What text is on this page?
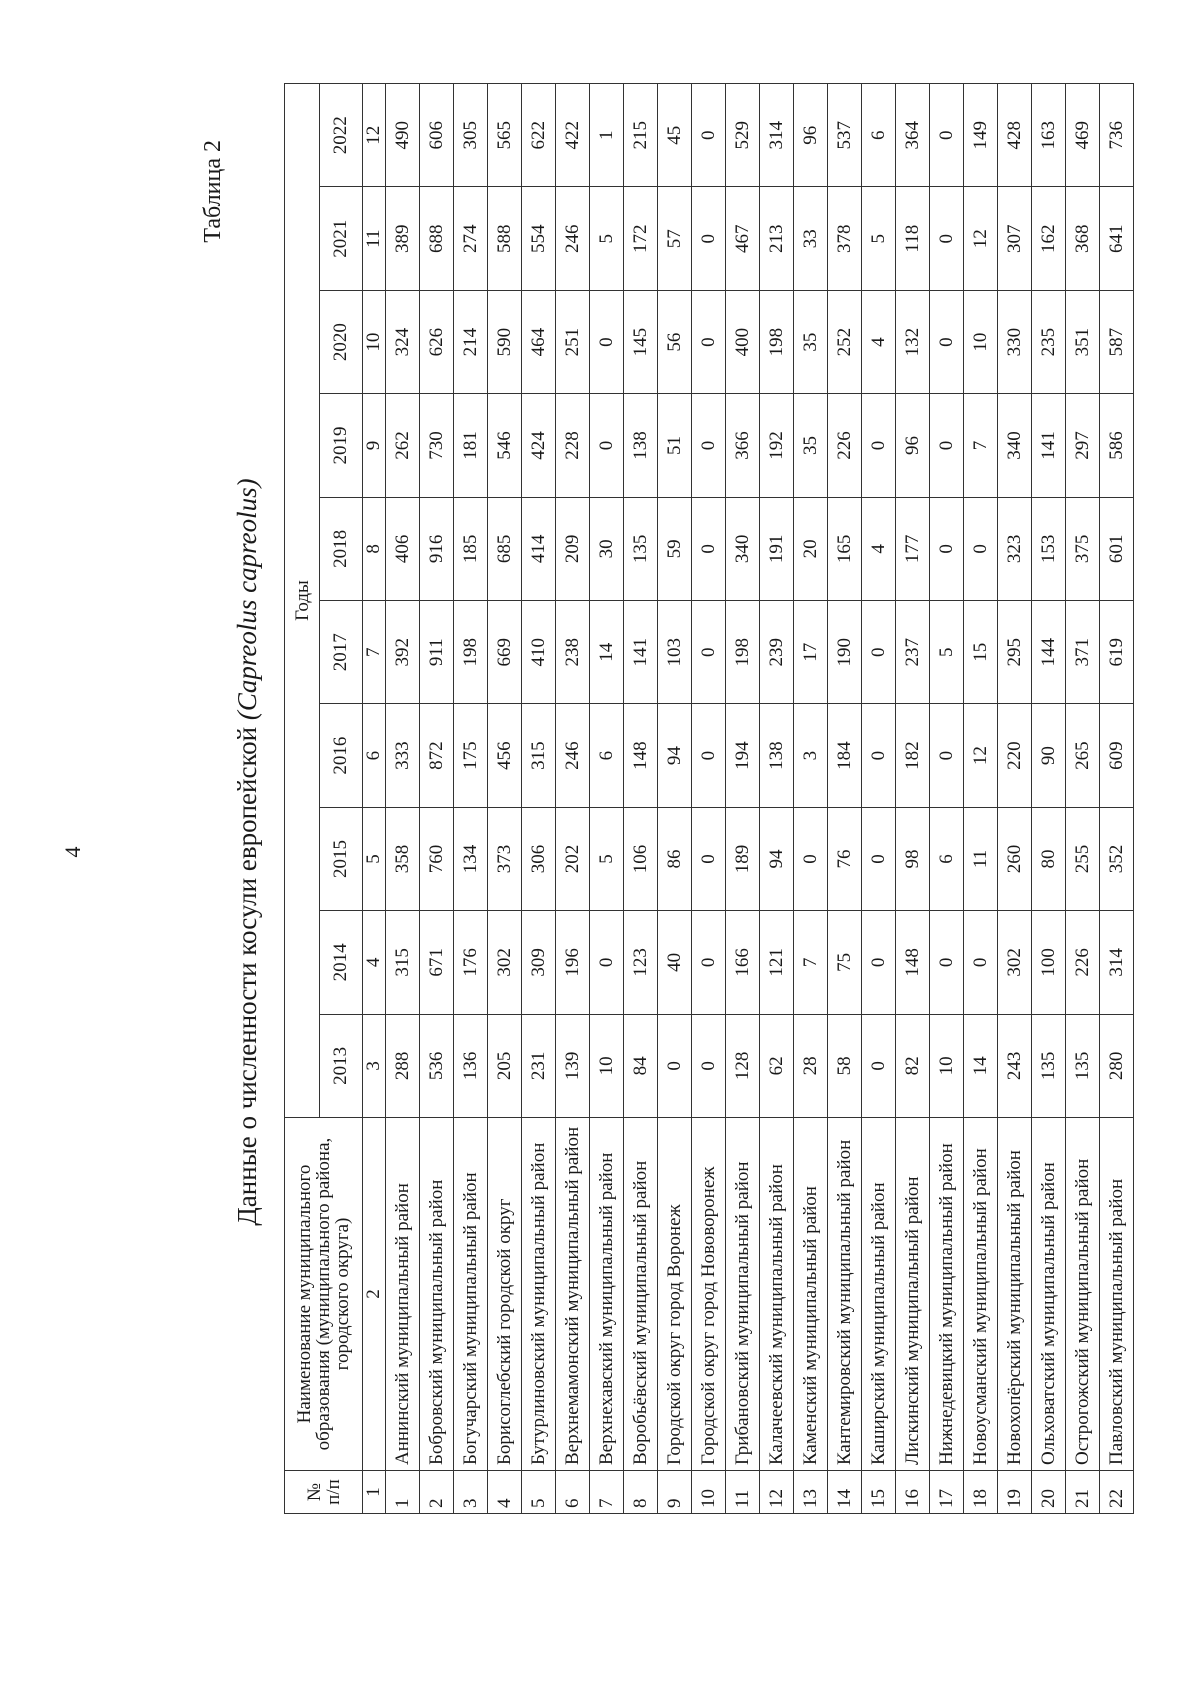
4
Таблица 2
Данные о численности косули европейской (Capreolus capreolus)
№ п/п	Наименование муниципального образования (муниципального района, городского округа)	Годы									
		2013	2014	2015	2016	2017	2018	2019	2020	2021	2022
1	2	3	4	5	6	7	8	9	10	11	12
1	Аннинский муниципальный район	288	315	358	333	392	406	262	324	389	490
2	Бобровский муниципальный район	536	671	760	872	911	916	730	626	688	606
3	Богучарский муниципальный район	136	176	134	175	198	185	181	214	274	305
4	Борисоглебский городской округ	205	302	373	456	669	685	546	590	588	565
5	Бутурлиновский муниципальный район	231	309	306	315	410	414	424	464	554	622
6	Верхнемамонский муниципальный район	139	196	202	246	238	209	228	251	246	422
7	Верхнехавский муниципальный район	10	0	5	6	14	30	0	0	5	1
8	Воробьёвский муниципальный район	84	123	106	148	141	135	138	145	172	215
9	Городской округ город Воронеж	0	40	86	94	103	59	51	56	57	45
10	Городской округ город Нововоронеж	0	0	0	0	0	0	0	0	0	0
11	Грибановский муниципальный район	128	166	189	194	198	340	366	400	467	529
12	Калачеевский муниципальный район	62	121	94	138	239	191	192	198	213	314
13	Каменский муниципальный район	28	7	0	3	17	20	35	35	33	96
14	Кантемировский муниципальный район	58	75	76	184	190	165	226	252	378	537
15	Каширский муниципальный район	0	0	0	0	0	4	0	4	5	6
16	Лискинский муниципальный район	82	148	98	182	237	177	96	132	118	364
17	Нижнедевицкий муниципальный район	10	0	6	0	5	0	0	0	0	0
18	Новоусманский муниципальный район	14	0	11	12	15	0	7	10	12	149
19	Новохопёрский муниципальный район	243	302	260	220	295	323	340	330	307	428
20	Ольховатский муниципальный район	135	100	80	90	144	153	141	235	162	163
21	Острогожский муниципальный район	135	226	255	265	371	375	297	351	368	469
22	Павловский муниципальный район	280	314	352	609	619	601	586	587	641	736
